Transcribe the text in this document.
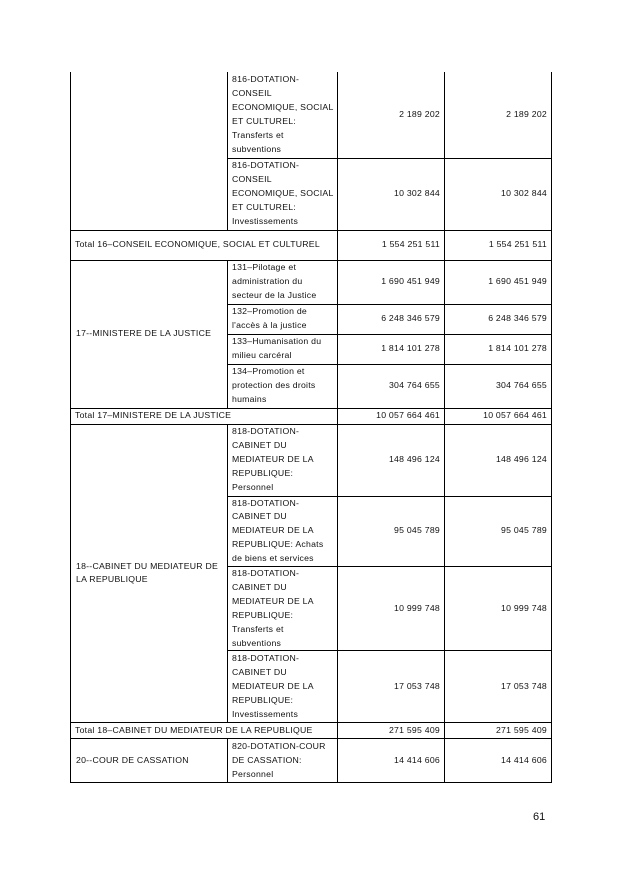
	816-DOTATION-CONSEIL ECONOMIQUE, SOCIAL ET CULTUREL: Transferts et subventions	2 189 202	2 189 202
	816-DOTATION-CONSEIL ECONOMIQUE, SOCIAL ET CULTUREL: Investissements	10 302 844	10 302 844
Total 16–CONSEIL ECONOMIQUE, SOCIAL ET CULTUREL		1 554 251 511	1 554 251 511
17--MINISTERE DE LA JUSTICE	131–Pilotage et administration du secteur de la Justice	1 690 451 949	1 690 451 949
	132–Promotion de l'accès à la justice	6 248 346 579	6 248 346 579
	133–Humanisation du milieu carcéral	1 814 101 278	1 814 101 278
	134–Promotion et protection des droits humains	304 764 655	304 764 655
Total 17–MINISTERE DE LA JUSTICE		10 057 664 461	10 057 664 461
18--CABINET DU MEDIATEUR DE LA REPUBLIQUE	818-DOTATION-CABINET DU MEDIATEUR DE LA REPUBLIQUE: Personnel	148 496 124	148 496 124
	818-DOTATION-CABINET DU MEDIATEUR DE LA REPUBLIQUE: Achats de biens et services	95 045 789	95 045 789
	818-DOTATION-CABINET DU MEDIATEUR DE LA REPUBLIQUE: Transferts et subventions	10 999 748	10 999 748
	818-DOTATION-CABINET DU MEDIATEUR DE LA REPUBLIQUE: Investissements	17 053 748	17 053 748
Total 18–CABINET DU MEDIATEUR DE LA REPUBLIQUE		271 595 409	271 595 409
20--COUR DE CASSATION	820-DOTATION-COUR DE CASSATION: Personnel	14 414 606	14 414 606
61
